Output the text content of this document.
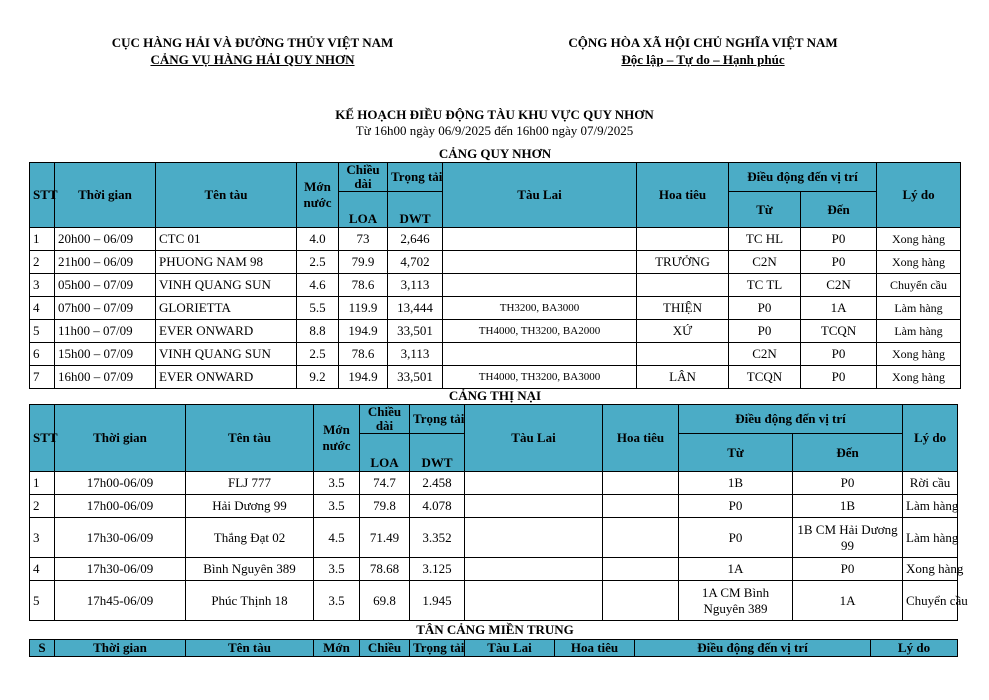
CỤC HÀNG HẢI VÀ ĐƯỜNG THỦY VIỆT NAM
CẢNG VỤ HÀNG HẢI QUY NHƠN
CỘNG HÒA XÃ HỘI CHỦ NGHĨA VIỆT NAM
Độc lập – Tự do – Hạnh phúc
KẾ HOẠCH ĐIỀU ĐỘNG TÀU KHU VỰC QUY NHƠN
Từ 16h00 ngày 06/9/2025 đến 16h00 ngày 07/9/2025
CẢNG QUY NHƠN
STT	Thời gian	Tên tàu	Mớn nước	Chiều dài	Trọng tải	Tàu Lai	Hoa tiêu	Điều động đến vị trí		Lý do
				LOA	DWT			Từ	Đến	
1	20h00 – 06/09	CTC 01	4.0	73	2,646			TC HL	P0	Xong hàng
2	21h00 – 06/09	PHUONG NAM 98	2.5	79.9	4,702		TRƯỞNG	C2N	P0	Xong hàng
3	05h00 – 07/09	VINH QUANG SUN	4.6	78.6	3,113			TC TL	C2N	Chuyển cầu
4	07h00 – 07/09	GLORIETTA	5.5	119.9	13,444	TH3200, BA3000	THIỆN	P0	1A	Làm hàng
5	11h00 – 07/09	EVER ONWARD	8.8	194.9	33,501	TH4000, TH3200, BA2000	XỨ	P0	TCQN	Làm hàng
6	15h00 – 07/09	VINH QUANG SUN	2.5	78.6	3,113			C2N	P0	Xong hàng
7	16h00 – 07/09	EVER ONWARD	9.2	194.9	33,501	TH4000, TH3200, BA3000	LÂN	TCQN	P0	Xong hàng
CẢNG THỊ NẠI
STT	Thời gian	Tên tàu	Mớn nước	Chiều dài	Trọng tải	Tàu Lai	Hoa tiêu	Điều động đến vị trí		Lý do
				LOA	DWT			Từ	Đến	
1	17h00-06/09	FLJ 777	3.5	74.7	2.458			1B	P0	Rời cầu
2	17h00-06/09	Hải Dương 99	3.5	79.8	4.078			P0	1B	Làm hàng
3	17h30-06/09	Thắng Đạt 02	4.5	71.49	3.352			P0	1B CM Hải Dương 99	Làm hàng
4	17h30-06/09	Bình Nguyên 389	3.5	78.68	3.125			1A	P0	Xong hàng
5	17h45-06/09	Phúc Thịnh 18	3.5	69.8	1.945			1A CM Bình Nguyên 389	1A	Chuyển cầu
TÂN CẢNG MIỀN TRUNG
S	Thời gian	Tên tàu	Mớn	Chiều	Trọng tải	Tàu Lai	Hoa tiêu	Điều động đến vị trí	Lý do
